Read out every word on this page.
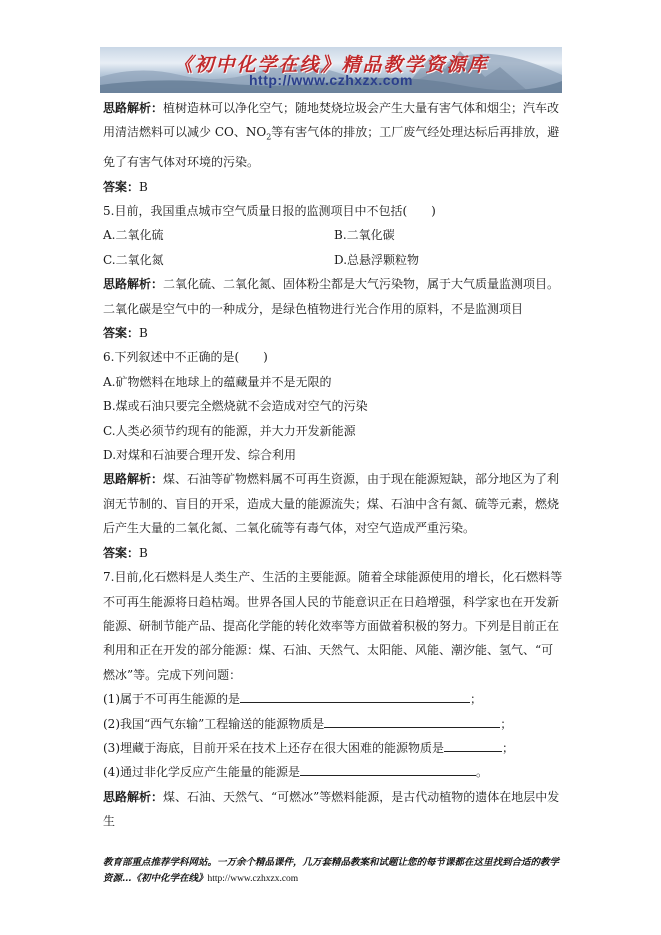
《初中化学在线》精品教学资源库
http://www.czhxzx.com

思路解析：植树造林可以净化空气；随地焚烧垃圾会产生大量有害气体和烟尘；汽车改用清洁燃料可以减少 CO、$NO_2$等有害气体的排放；工厂废气经处理达标后再排放，避免了有害气体对环境的污染。

答案：B

5.目前，我国重点城市空气质量日报的监测项目中不包括(　　)

A.二氧化硫	B.二氧化碳
C.二氧化氮	D.总悬浮颗粒物

思路解析：二氧化硫、二氧化氮、固体粉尘都是大气污染物，属于大气质量监测项目。二氧化碳是空气中的一种成分，是绿色植物进行光合作用的原料，不是监测项目

答案：B

6.下列叙述中不正确的是(　　)

A.矿物燃料在地球上的蕴藏量并不是无限的

B.煤或石油只要完全燃烧就不会造成对空气的污染

C.人类必须节约现有的能源，并大力开发新能源

D.对煤和石油要合理开发、综合利用

思路解析：煤、石油等矿物燃料属不可再生资源，由于现在能源短缺，部分地区为了利润无节制的、盲目的开采，造成大量的能源流失；煤、石油中含有氮、硫等元素，燃烧后产生大量的二氧化氮、二氧化硫等有毒气体，对空气造成严重污染。

答案：B

7.目前,化石燃料是人类生产、生活的主要能源。随着全球能源使用的增长，化石燃料等不可再生能源将日趋枯竭。世界各国人民的节能意识正在日趋增强，科学家也在开发新能源、研制节能产品、提高化学能的转化效率等方面做着积极的努力。下列是目前正在利用和正在开发的部分能源：煤、石油、天然气、太阳能、风能、潮汐能、氢气、“可燃冰”等。完成下列问题：

(1)属于不可再生能源的是	；

(2)我国“西气东输”工程输送的能源物质是	；

(3)埋藏于海底，目前开采在技术上还存在很大困难的能源物质是	；

(4)通过非化学反应产生能量的能源是	。

思路解析：煤、石油、天然气、“可燃冰”等燃料能源，是古代动植物的遗体在地层中发生

教育部重点推荐学科网站。一万余个精品课件，几万套精品教案和试题让您的每节课都在这里找到合适的教学资源…《初中化学在线》http://www.czhxzx.com
